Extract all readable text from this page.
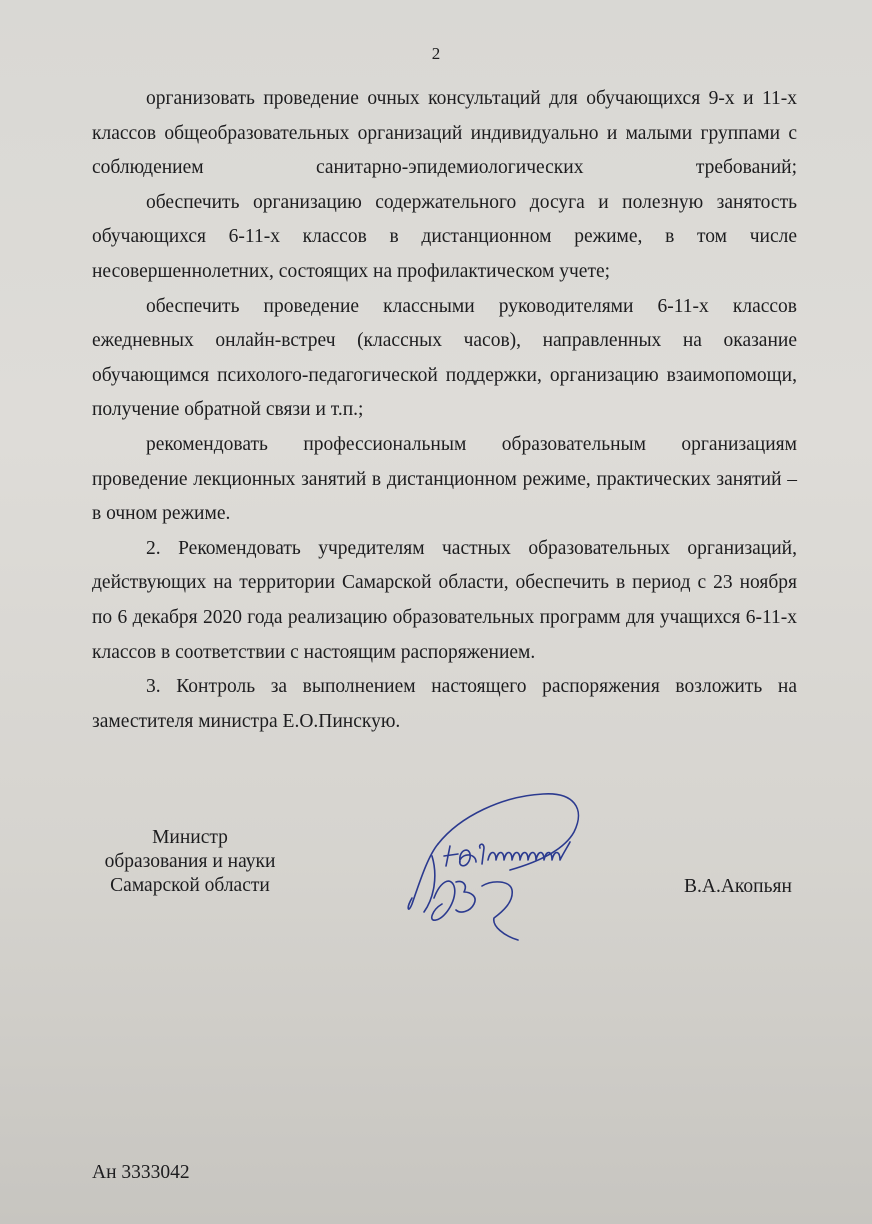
2

организовать проведение очных консультаций для обучающихся 9-х и 11-х классов общеобразовательных организаций индивидуально и малыми группами с соблюдением санитарно-эпидемиологических требований;

обеспечить организацию содержательного досуга и полезную занятость обучающихся 6-11-х классов в дистанционном режиме, в том числе несовершеннолетних, состоящих на профилактическом учете;

обеспечить проведение классными руководителями 6-11-х классов ежедневных онлайн-встреч (классных часов), направленных на оказание обучающимся психолого-педагогической поддержки, организацию взаимопомощи, получение обратной связи и т.п.;

рекомендовать профессиональным образовательным организациям проведение лекционных занятий в дистанционном режиме, практических занятий – в очном режиме.

2. Рекомендовать учредителям частных образовательных организаций, действующих на территории Самарской области, обеспечить в период с 23 ноября по 6 декабря 2020 года реализацию образовательных программ для учащихся 6-11-х классов в соответствии с настоящим распоряжением.

3. Контроль за выполнением настоящего распоряжения возложить на заместителя министра Е.О.Пинскую.

Министр
образования и науки
Самарской области	В.А.Акопьян
Ан 3333042
